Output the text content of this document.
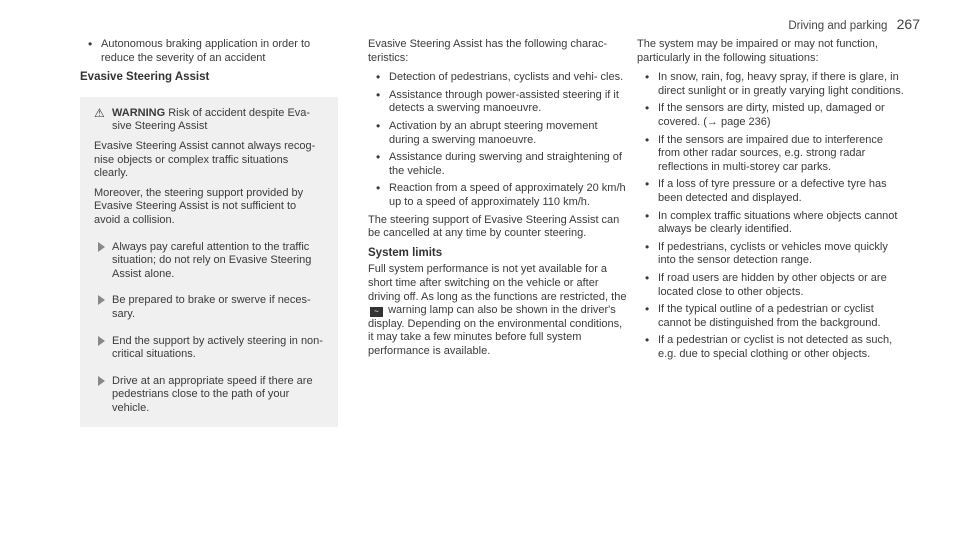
Driving and parking 267
• Autonomous braking application in order to reduce the severity of an accident
Evasive Steering Assist
⚠ WARNING Risk of accident despite Eva- sive Steering Assist

Evasive Steering Assist cannot always recog- nise objects or complex traffic situations clearly.

Moreover, the steering support provided by Evasive Steering Assist is not sufficient to avoid a collision.

Always pay careful attention to the traffic situation; do not rely on Evasive Steering Assist alone.
Be prepared to brake or swerve if neces- sary.
End the support by actively steering in non-critical situations.
Drive at an appropriate speed if there are pedestrians close to the path of your vehicle.

Evasive Steering Assist has the following charac- teristics:

• Detection of pedestrians, cyclists and vehi- cles.
• Assistance through power-assisted steering if it detects a swerving manoeuvre.
• Activation by an abrupt steering movement during a swerving manoeuvre.
• Assistance during swerving and straightening of the vehicle.
• Reaction from a speed of approximately 20 km/h up to a speed of approximately 110 km/h.

The steering support of Evasive Steering Assist can be cancelled at any time by counter steering.

System limits

Full system performance is not yet available for a short time after switching on the vehicle or after driving off. As long as the functions are restricted, the ~ warning lamp can also be shown in the driver's display. Depending on the environmental conditions, it may take a few minutes before full system performance is available.

The system may be impaired or may not function, particularly in the following situations:

• In snow, rain, fog, heavy spray, if there is glare, in direct sunlight or in greatly varying light conditions.
• If the sensors are dirty, misted up, damaged or covered. (→ page 236)
• If the sensors are impaired due to interference from other radar sources, e.g. strong radar reflections in multi-storey car parks.
• If a loss of tyre pressure or a defective tyre has been detected and displayed.
• In complex traffic situations where objects cannot always be clearly identified.
• If pedestrians, cyclists or vehicles move quickly into the sensor detection range.
• If road users are hidden by other objects or are located close to other objects.
• If the typical outline of a pedestrian or cyclist cannot be distinguished from the background.
• If a pedestrian or cyclist is not detected as such, e.g. due to special clothing or other objects.
